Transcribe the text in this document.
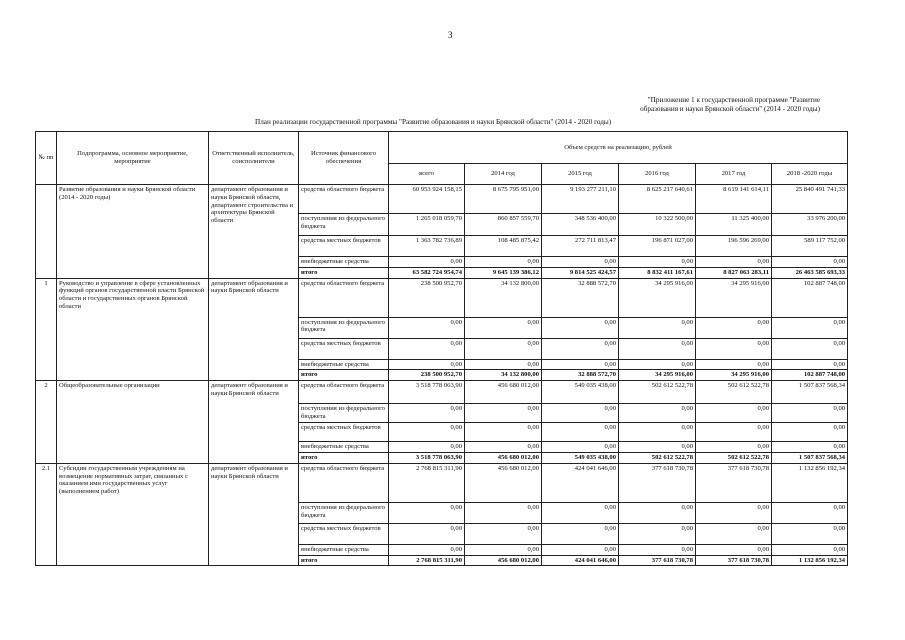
3
"Приложение 1 к государственной программе "Развитие
образования и науки Брянской области" (2014 - 2020 годы)
План реализации государственной программы "Развитие образования и науки Брянской области" (2014 - 2020 годы)
№ пп	Подпрограмма, основное мероприятие, мероприятие	Ответственный исполнитель, соисполнители	Источник финансового обеспечения	Объем средств на реализацию, рублей					
				всего	2014 год	2015 год	2016 год	2017 год	2018 -2020 годы
	Развитие образования и науки Брянской области (2014 - 2020 годы)	департамент образования и науки Брянской области, департамент строительства и архитектуры Брянской области	средства областного бюджета	60 953 924 158,15	8 675 795 951,00	9 193 277 211,10	8 625 217 640,61	8 619 141 614,11	25 840 491 741,33
			поступления из федерального бюджета	1 265 018 059,70	860 857 559,70	348 536 400,00	10 322 500,00	11 325 400,00	33 976 200,00
			средства местных бюджетов	1 363 782 736,89	108 485 875,42	272 711 813,47	196 871 027,00	196 596 269,00	589 117 752,00
			внебюджетные средства	0,00	0,00	0,00	0,00	0,00	0,00
			итого	63 582 724 954,74	9 645 139 386,12	9 814 525 424,57	8 832 411 167,61	8 827 063 283,11	26 463 585 693,33
1	Руководство и управление в сфере установленных функций органов государственной власти Брянской области и государственных органов Брянской области	департамент образования и науки Брянской области	средства областного бюджета	238 500 952,70	34 132 800,00	32 888 572,70	34 295 916,00	34 295 916,00	102 887 748,00
			поступления из федерального бюджета	0,00	0,00	0,00	0,00	0,00	0,00
			средства местных бюджетов	0,00	0,00	0,00	0,00	0,00	0,00
			внебюджетные средства	0,00	0,00	0,00	0,00	0,00	0,00
			итого	238 500 952,70	34 132 800,00	32 888 572,70	34 295 916,00	34 295 916,00	102 887 748,00
2	Общеобразовательные организации	департамент образования и науки Брянской области	средства областного бюджета	3 518 778 063,90	456 680 012,00	549 035 438,00	502 612 522,78	502 612 522,78	1 507 837 568,34
			поступления из федерального бюджета	0,00	0,00	0,00	0,00	0,00	0,00
			средства местных бюджетов	0,00	0,00	0,00	0,00	0,00	0,00
			внебюджетные средства	0,00	0,00	0,00	0,00	0,00	0,00
			итого	3 518 778 063,90	456 680 012,00	549 035 438,00	502 612 522,78	502 612 522,78	1 507 837 568,34
2.1	Субсидии государственным учреждениям на возмещение нормативных затрат, связанных с оказанием ими государственных услуг (выполнением работ)	департамент образования и науки Брянской области	средства областного бюджета	2 768 815 311,90	456 680 012,00	424 041 646,00	377 618 730,78	377 618 730,78	1 132 856 192,34
			поступления из федерального бюджета	0,00	0,00	0,00	0,00	0,00	0,00
			средства местных бюджетов	0,00	0,00	0,00	0,00	0,00	0,00
			внебюджетные средства	0,00	0,00	0,00	0,00	0,00	0,00
			итого	2 768 815 311,90	456 680 012,00	424 041 646,00	377 618 730,78	377 618 730,78	1 132 856 192,34
